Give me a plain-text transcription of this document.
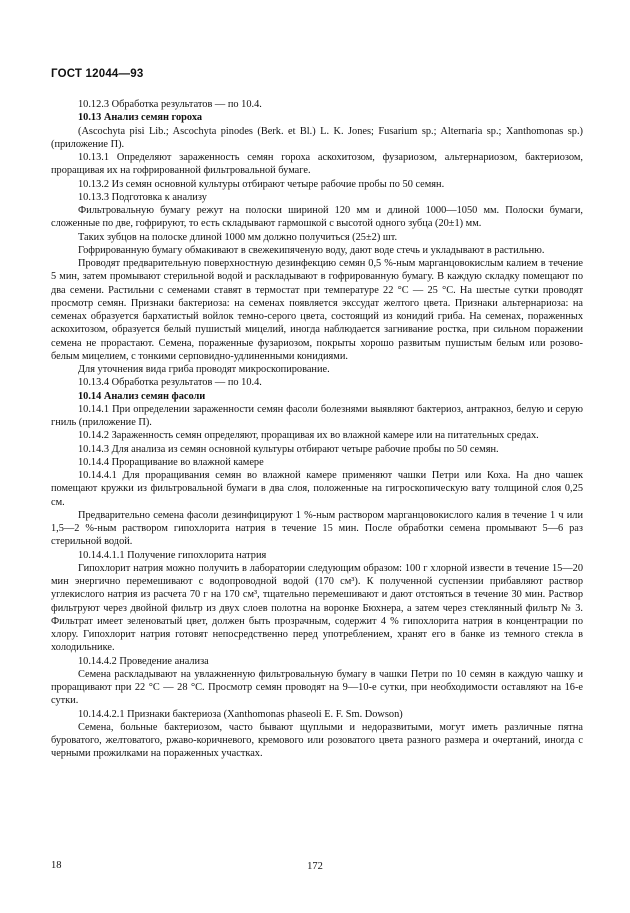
ГОСТ 12044—93

10.12.3 Обработка результатов — по 10.4.

10.13 Анализ семян гороха

(Ascochyta pisi Lib.; Ascochyta pinodes (Berk. et Bl.) L. K. Jones; Fusarium sp.; Alternaria sp.; Xanthomonas sp.) (приложение П).

10.13.1 Определяют зараженность семян гороха аскохитозом, фузариозом, альтернариозом, бактериозом, проращивая их на гофрированной фильтровальной бумаге.

10.13.2 Из семян основной культуры отбирают четыре рабочие пробы по 50 семян.

10.13.3 Подготовка к анализу

Фильтровальную бумагу режут на полоски шириной 120 мм и длиной 1000—1050 мм. Полоски бумаги, сложенные по две, гофрируют, то есть складывают гармошкой с высотой одного зубца (20±1) мм.

Таких зубцов на полоске длиной 1000 мм должно получиться (25±2) шт.

Гофрированную бумагу обмакивают в свежекипяченую воду, дают воде стечь и укладывают в растильню.

Проводят предварительную поверхностную дезинфекцию семян 0,5 %-ным марганцовокислым калием в течение 5 мин, затем промывают стерильной водой и раскладывают в гофрированную бумагу. В каждую складку помещают по два семени. Растильни с семенами ставят в термостат при температуре 22 °С — 25 °С. На шестые сутки проводят просмотр семян. Признаки бактериоза: на семенах появляется экссудат желтого цвета. Признаки альтернариоза: на семенах образуется бархатистый войлок темно-серого цвета, состоящий из конидий гриба. На семенах, пораженных аскохитозом, образуется белый пушистый мицелий, иногда наблюдается загнивание ростка, при сильном поражении семена не прорастают. Семена, пораженные фузариозом, покрыты хорошо развитым пушистым белым или розово-белым мицелием, с тонкими серповидно-удлиненными конидиями.

Для уточнения вида гриба проводят микроскопирование.

10.13.4 Обработка результатов — по 10.4.

10.14 Анализ семян фасоли

10.14.1 При определении зараженности семян фасоли болезнями выявляют бактериоз, антракноз, белую и серую гниль (приложение П).

10.14.2 Зараженность семян определяют, проращивая их во влажной камере или на питательных средах.

10.14.3 Для анализа из семян основной культуры отбирают четыре рабочие пробы по 50 семян.

10.14.4 Проращивание во влажной камере

10.14.4.1 Для проращивания семян во влажной камере применяют чашки Петри или Коха. На дно чашек помещают кружки из фильтровальной бумаги в два слоя, положенные на гигроскопическую вату толщиной слоя 0,25 см.

Предварительно семена фасоли дезинфицируют 1 %-ным раствором марганцовокислого калия в течение 1 ч или 1,5—2 %-ным раствором гипохлорита натрия в течение 15 мин. После обработки семена промывают 5—6 раз стерильной водой.

10.14.4.1.1 Получение гипохлорита натрия

Гипохлорит натрия можно получить в лаборатории следующим образом: 100 г хлорной извести в течение 15—20 мин энергично перемешивают с водопроводной водой (170 см³). К полученной суспензии прибавляют раствор углекислого натрия из расчета 70 г на 170 см³, тщательно перемешивают и дают отстояться в течение 30 мин. Раствор фильтруют через двойной фильтр из двух слоев полотна на воронке Бюхнера, а затем через стеклянный фильтр № 3. Фильтрат имеет зеленоватый цвет, должен быть прозрачным, содержит 4 % гипохлорита натрия в концентрации по хлору. Гипохлорит натрия готовят непосредственно перед употреблением, хранят его в банке из темного стекла в холодильнике.

10.14.4.2 Проведение анализа

Семена раскладывают на увлажненную фильтровальную бумагу в чашки Петри по 10 семян в каждую чашку и проращивают при 22 °С — 28 °С. Просмотр семян проводят на 9—10-е сутки, при необходимости оставляют на 16-е сутки.

10.14.4.2.1 Признаки бактериоза (Xanthomonas phaseoli E. F. Sm. Dowson)

Семена, больные бактериозом, часто бывают щуплыми и недоразвитыми, могут иметь различные пятна буроватого, желтоватого, ржаво-коричневого, кремового или розоватого цвета разного размера и очертаний, иногда с черными прожилками на пораженных участках.

18	172
